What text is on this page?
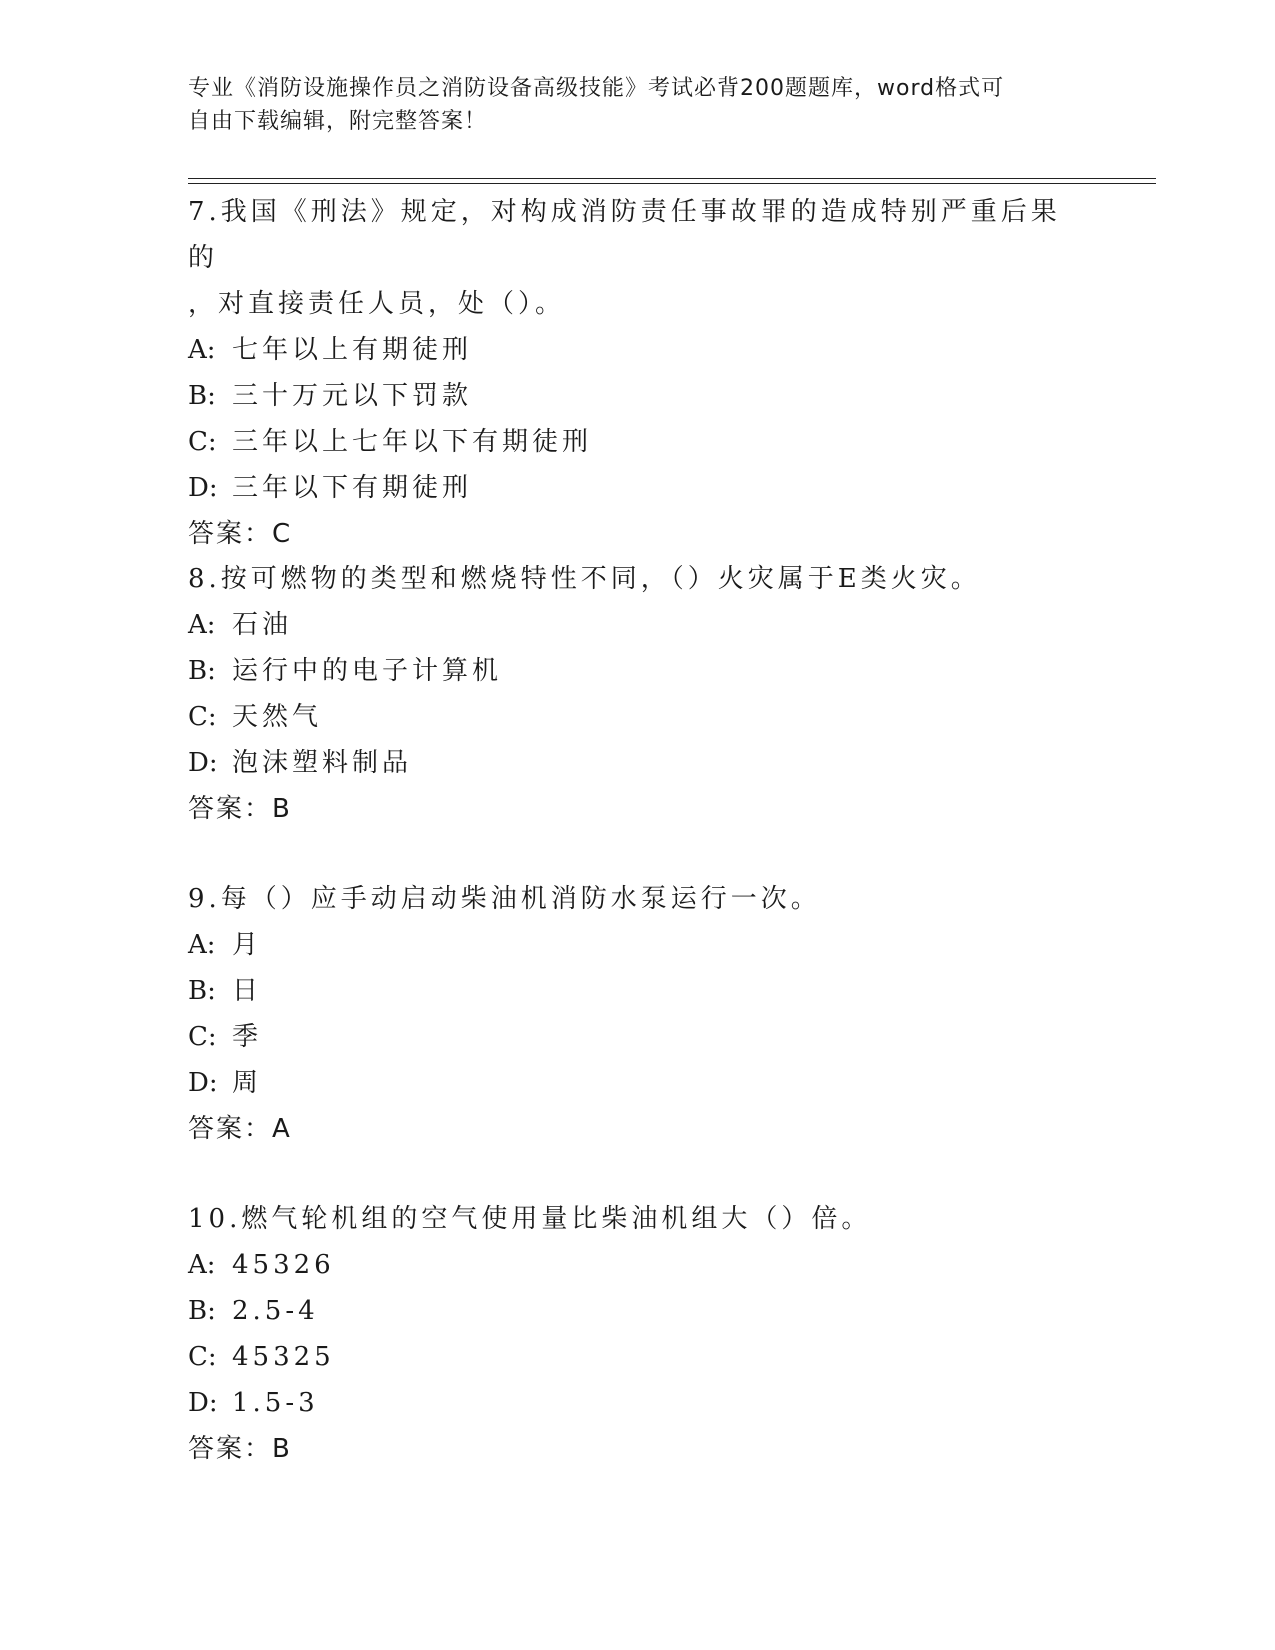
专业《消防设施操作员之消防设备高级技能》考试必背200题题库，word格式可
自由下载编辑，附完整答案！

7.我国《刑法》规定，对构成消防责任事故罪的造成特别严重后果的

，对直接责任人员，处（）。

A: 七年以上有期徒刑

B: 三十万元以下罚款

C: 三年以上七年以下有期徒刑

D: 三年以下有期徒刑

答案：C

8.按可燃物的类型和燃烧特性不同，（）火灾属于E类火灾。

A: 石油

B: 运行中的电子计算机

C: 天然气

D: 泡沫塑料制品

答案：B

9.每（）应手动启动柴油机消防水泵运行一次。

A: 月

B: 日

C: 季

D: 周

答案：A

10.燃气轮机组的空气使用量比柴油机组大（）倍。

A: 45326

B: 2.5-4

C: 45325

D: 1.5-3

答案：B
